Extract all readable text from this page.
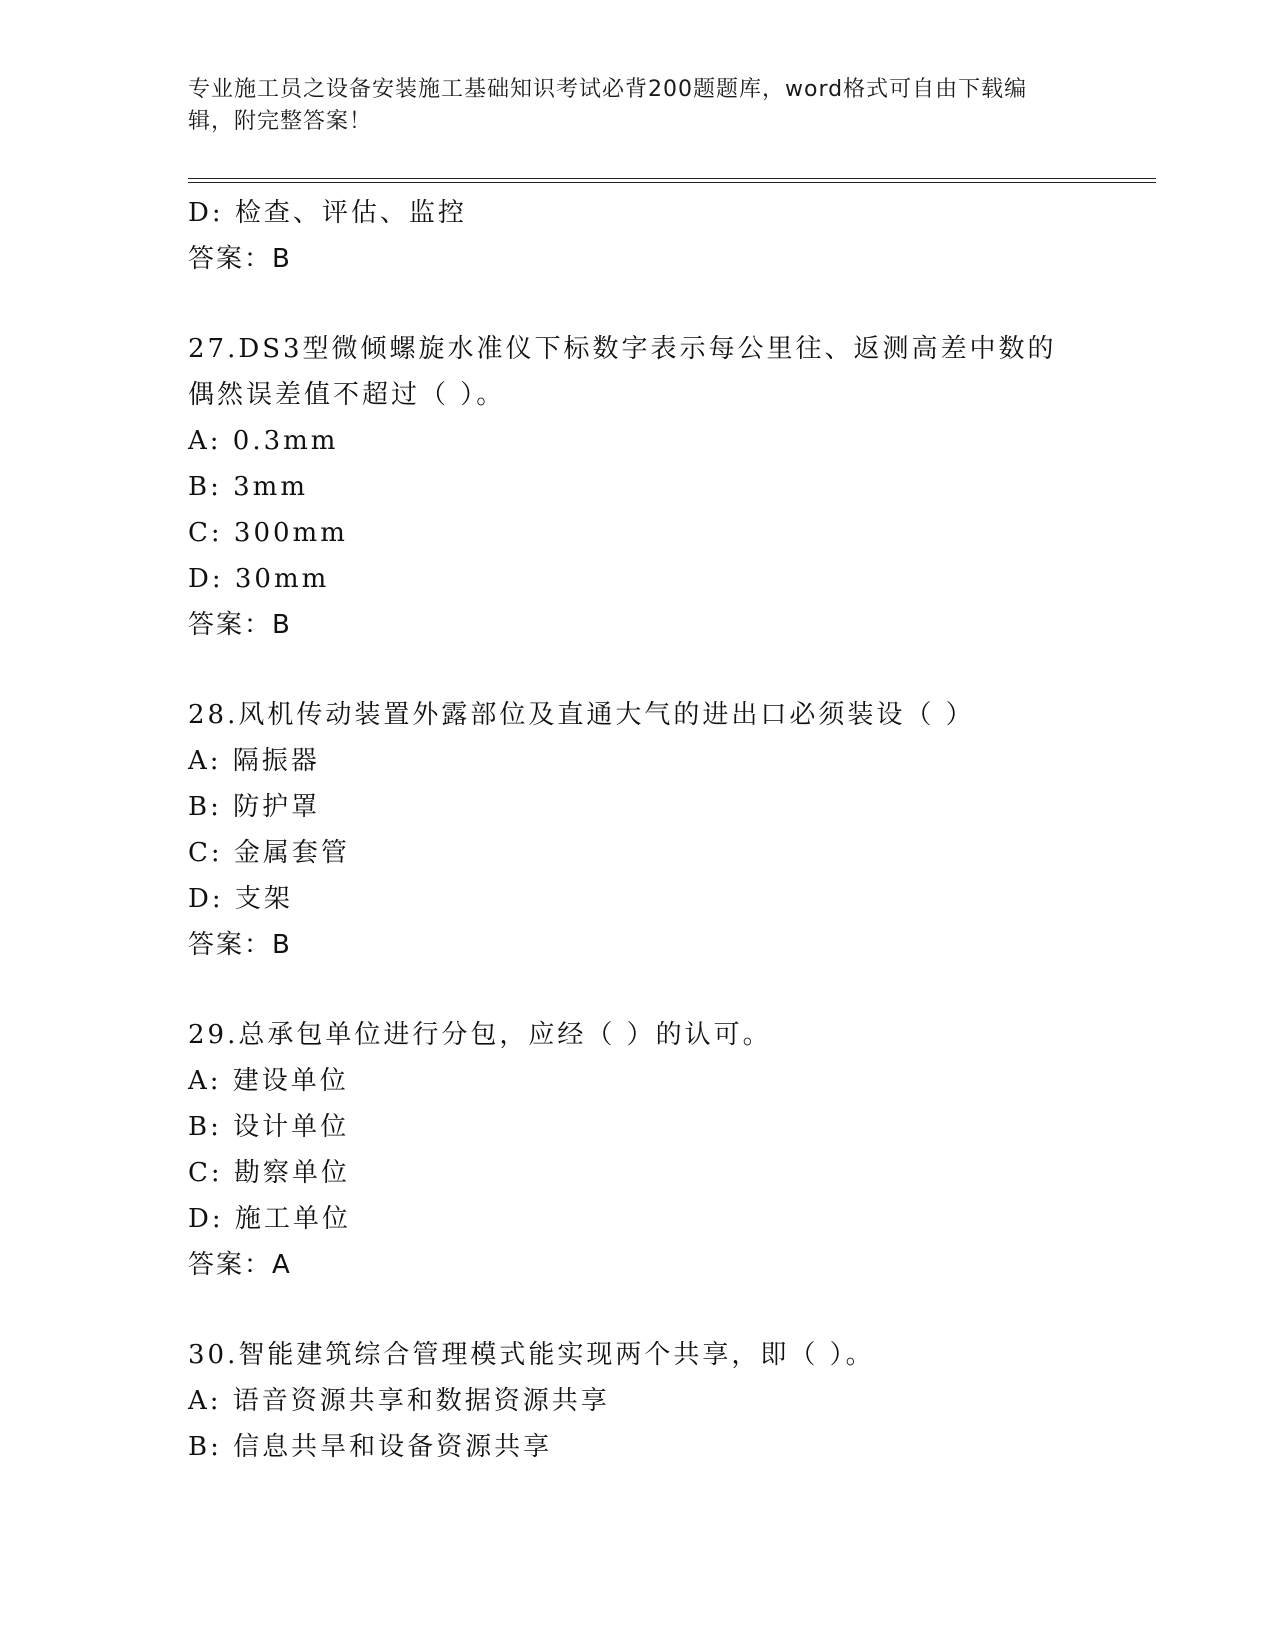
专业施工员之设备安装施工基础知识考试必背200题题库，word格式可自由下载编辑，附完整答案！
D: 检查、评估、监控
答案：B
27.DS3型微倾螺旋水准仪下标数字表示每公里往、返测高差中数的偶然误差值不超过（ ）。
A: 0.3mm
B: 3mm
C: 300mm
D: 30mm
答案：B
28.风机传动装置外露部位及直通大气的进出口必须装设（ ）
A: 隔振器
B: 防护罩
C: 金属套管
D: 支架
答案：B
29.总承包单位进行分包，应经（ ）的认可。
A: 建设单位
B: 设计单位
C: 勘察单位
D: 施工单位
答案：A
30.智能建筑综合管理模式能实现两个共享，即（ ）。
A: 语音资源共享和数据资源共享
B: 信息共旱和设备资源共享
